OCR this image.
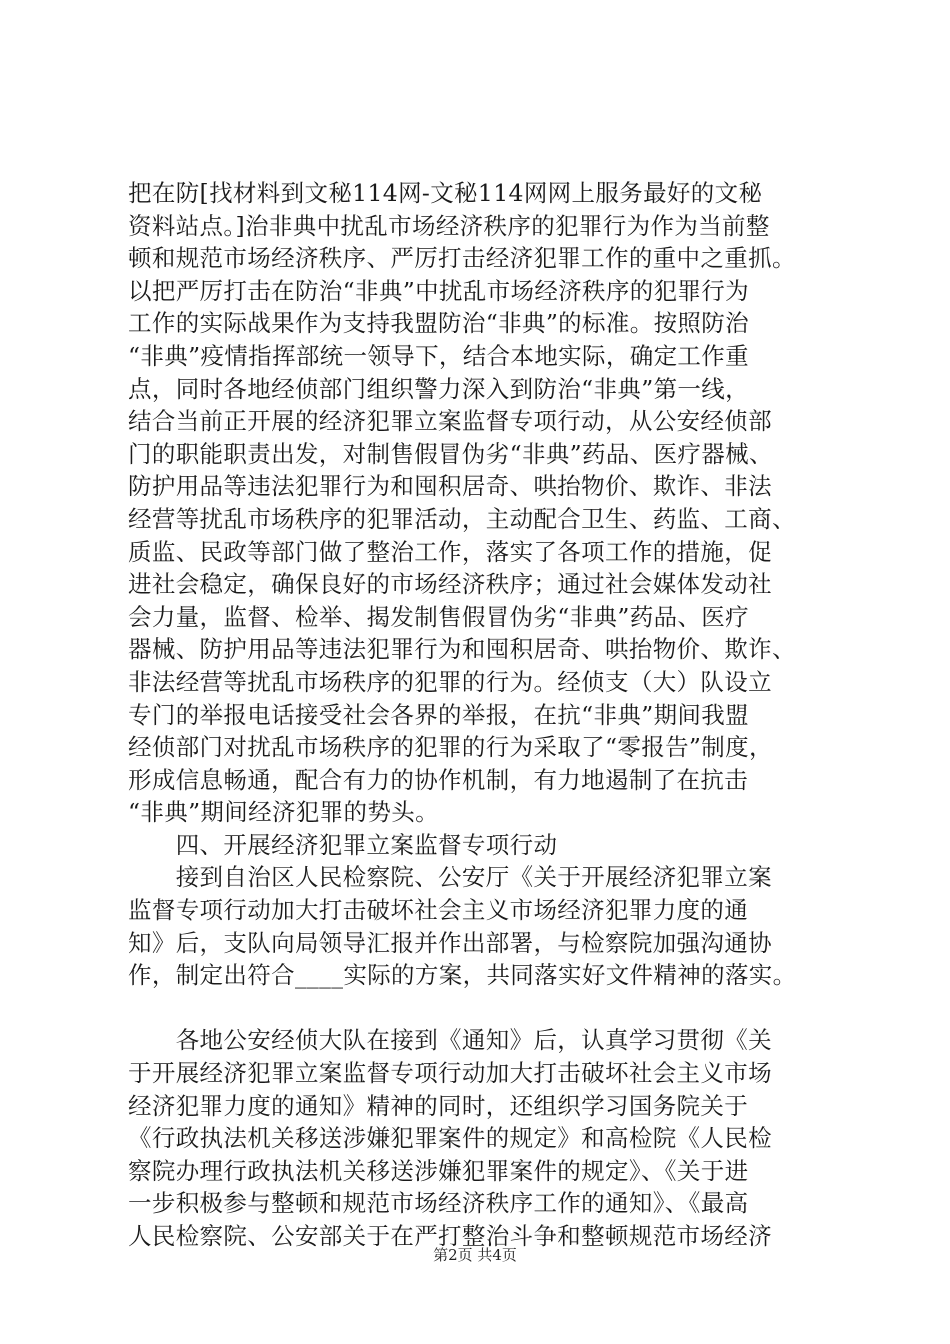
把在防[找材料到文秘114网-文秘114网网上服务最好的文秘
资料站点。]治非典中扰乱市场经济秩序的犯罪行为作为当前整
顿和规范市场经济秩序、严厉打击经济犯罪工作的重中之重抓。
以把严厉打击在防治“非典”中扰乱市场经济秩序的犯罪行为
工作的实际战果作为支持我盟防治“非典”的标准。按照防治
“非典”疫情指挥部统一领导下，结合本地实际，确定工作重
点，同时各地经侦部门组织警力深入到防治“非典”第一线，
结合当前正开展的经济犯罪立案监督专项行动，从公安经侦部
门的职能职责出发，对制售假冒伪劣“非典”药品、医疗器械、
防护用品等违法犯罪行为和囤积居奇、哄抬物价、欺诈、非法
经营等扰乱市场秩序的犯罪活动，主动配合卫生、药监、工商、
质监、民政等部门做了整治工作，落实了各项工作的措施，促
进社会稳定，确保良好的市场经济秩序；通过社会媒体发动社
会力量，监督、检举、揭发制售假冒伪劣“非典”药品、医疗
器械、防护用品等违法犯罪行为和囤积居奇、哄抬物价、欺诈、
非法经营等扰乱市场秩序的犯罪的行为。经侦支（大）队设立
专门的举报电话接受社会各界的举报，在抗“非典”期间我盟
经侦部门对扰乱市场秩序的犯罪的行为采取了“零报告”制度，
形成信息畅通，配合有力的协作机制，有力地遏制了在抗击
“非典”期间经济犯罪的势头。
　　四、开展经济犯罪立案监督专项行动
　　接到自治区人民检察院、公安厅《关于开展经济犯罪立案
监督专项行动加大打击破坏社会主义市场经济犯罪力度的通
知》后，支队向局领导汇报并作出部署，与检察院加强沟通协
作，制定出符合____实际的方案，共同落实好文件精神的落实。
　　各地公安经侦大队在接到《通知》后，认真学习贯彻《关
于开展经济犯罪立案监督专项行动加大打击破坏社会主义市场
经济犯罪力度的通知》精神的同时，还组织学习国务院关于
《行政执法机关移送涉嫌犯罪案件的规定》和高检院《人民检
察院办理行政执法机关移送涉嫌犯罪案件的规定》、《关于进
一步积极参与整顿和规范市场经济秩序工作的通知》、《最高
人民检察院、公安部关于在严打整治斗争和整顿规范市场经济
第2页 共4页
